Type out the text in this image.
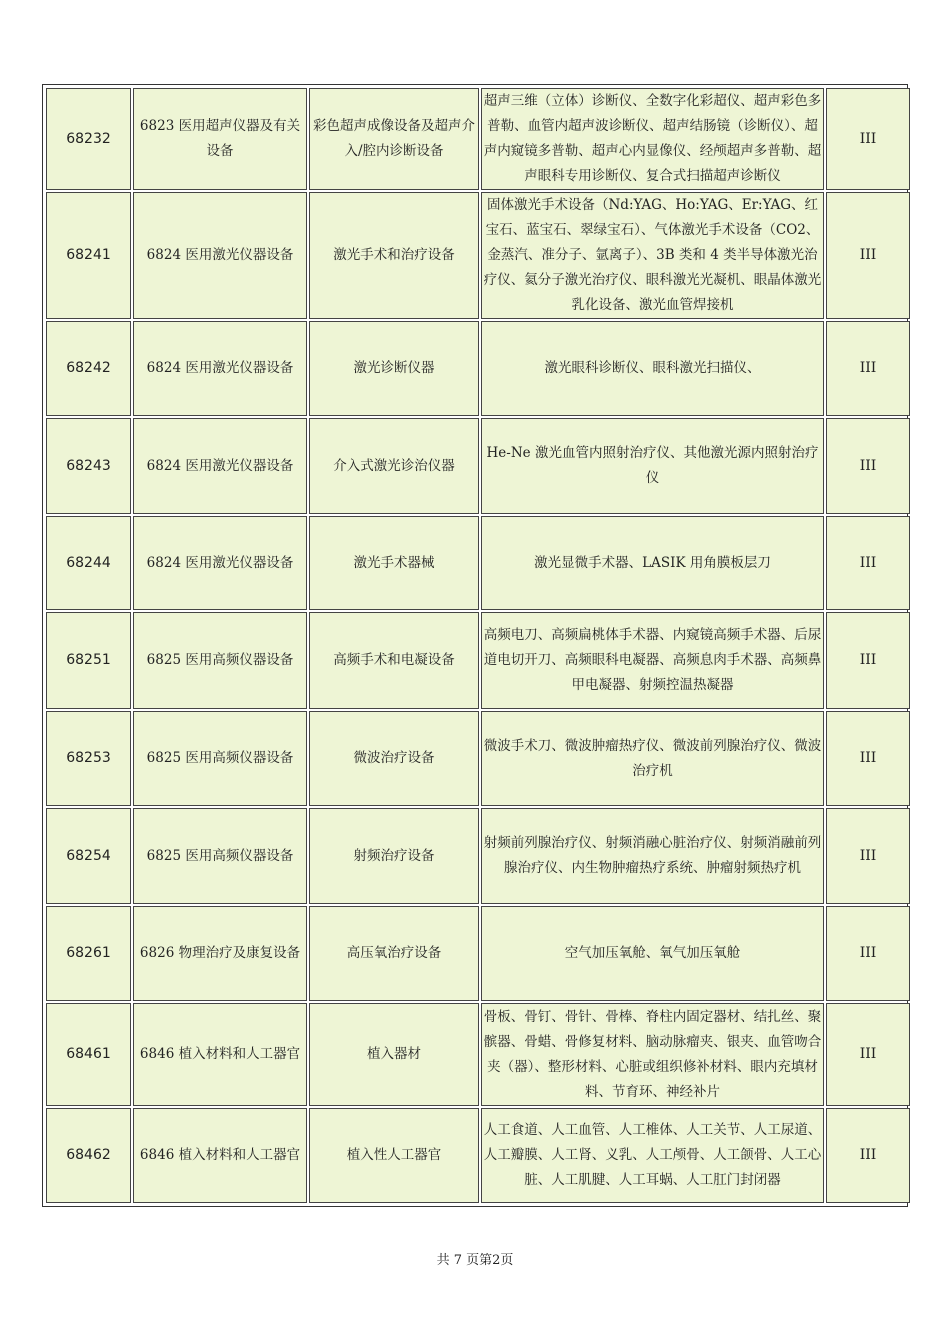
68232	6823 医用超声仪器及有关设备	彩色超声成像设备及超声介入/腔内诊断设备	超声三维（立体）诊断仪、全数字化彩超仪、超声彩色多普勒、血管内超声波诊断仪、超声结肠镜（诊断仪）、超声内窥镜多普勒、超声心内显像仪、经颅超声多普勒、超声眼科专用诊断仪、复合式扫描超声诊断仪	III
68241	6824 医用激光仪器设备	激光手术和治疗设备	固体激光手术设备（Nd:YAG、Ho:YAG、Er:YAG、红宝石、蓝宝石、翠绿宝石）、气体激光手术设备（CO2、金蒸汽、准分子、氩离子）、3B 类和 4 类半导体激光治疗仪、氦分子激光治疗仪、眼科激光光凝机、眼晶体激光乳化设备、激光血管焊接机	III
68242	6824 医用激光仪器设备	激光诊断仪器	激光眼科诊断仪、眼科激光扫描仪、	III
68243	6824 医用激光仪器设备	介入式激光诊治仪器	He-Ne 激光血管内照射治疗仪、其他激光源内照射治疗仪	III
68244	6824 医用激光仪器设备	激光手术器械	激光显微手术器、LASIK 用角膜板层刀	III
68251	6825 医用高频仪器设备	高频手术和电凝设备	高频电刀、高频扁桃体手术器、内窥镜高频手术器、后尿道电切开刀、高频眼科电凝器、高频息肉手术器、高频鼻甲电凝器、射频控温热凝器	III
68253	6825 医用高频仪器设备	微波治疗设备	微波手术刀、微波肿瘤热疗仪、微波前列腺治疗仪、微波治疗机	III
68254	6825 医用高频仪器设备	射频治疗设备	射频前列腺治疗仪、射频消融心脏治疗仪、射频消融前列腺治疗仪、内生物肿瘤热疗系统、肿瘤射频热疗机	III
68261	6826 物理治疗及康复设备	高压氧治疗设备	空气加压氧舱、氧气加压氧舱	III
68461	6846 植入材料和人工器官	植入器材	骨板、骨钉、骨针、骨棒、脊柱内固定器材、结扎丝、聚髌器、骨蜡、骨修复材料、脑动脉瘤夹、银夹、血管吻合夹（器）、整形材料、心脏或组织修补材料、眼内充填材料、节育环、神经补片	III
68462	6846 植入材料和人工器官	植入性人工器官	人工食道、人工血管、人工椎体、人工关节、人工尿道、人工瓣膜、人工肾、义乳、人工颅骨、人工颌骨、人工心脏、人工肌腱、人工耳蜗、人工肛门封闭器	III
共 7 页第2页
